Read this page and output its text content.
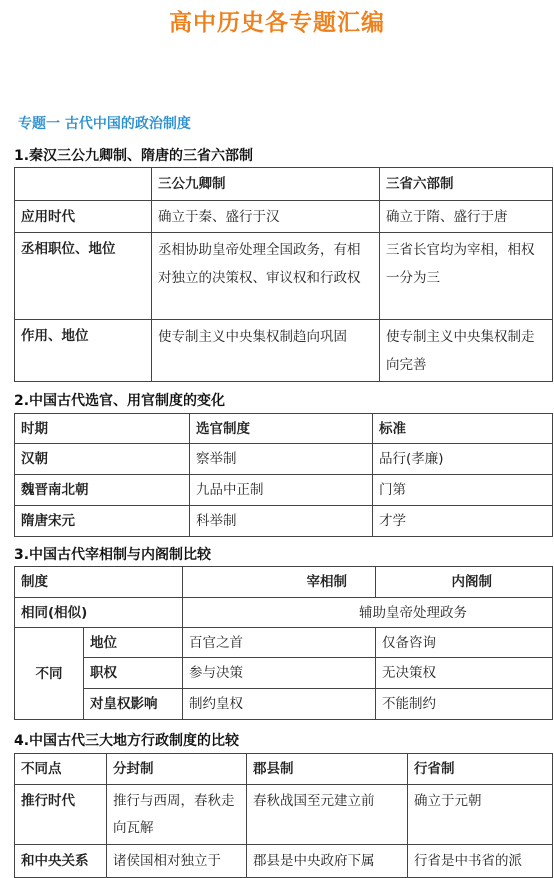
高中历史各专题汇编
专题一 古代中国的政治制度
1.秦汉三公九卿制、隋唐的三省六部制
	三公九卿制	三省六部制
应用时代	确立于秦、盛行于汉	确立于隋、盛行于唐
丞相职位、地位	丞相协助皇帝处理全国政务，有相对独立的决策权、审议权和行政权	三省长官均为宰相，相权一分为三
作用、地位	使专制主义中央集权制趋向巩固	使专制主义中央集权制走向完善
2.中国古代选官、用官制度的变化
时期	选官制度	标准
汉朝	察举制	品行(孝廉)
魏晋南北朝	九品中正制	门第
隋唐宋元	科举制	才学
3.中国古代宰相制与内阁制比较
制度		宰相制	内阁制
相同(相似)		辅助皇帝处理政务	
不同	地位	百官之首	仅备咨询
	职权	参与决策	无决策权
	对皇权影响	制约皇权	不能制约
4.中国古代三大地方行政制度的比较
不同点	分封制	郡县制	行省制
推行时代	推行与西周，春秋走向瓦解	春秋战国至元建立前	确立于元朝
和中央关系	诸侯国相对独立于	郡县是中央政府下属	行省是中书省的派
